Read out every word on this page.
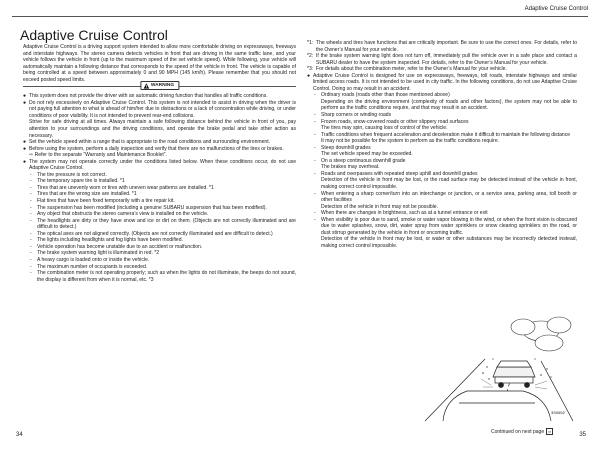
Adaptive Cruise Control
Adaptive Cruise Control

Adaptive Cruise Control is a driving support system intended to allow more comfortable driving on expressways, freeways and interstate highways. The stereo camera detects vehicles in front that are driving in the same traffic lane, and your vehicle follows the vehicle in front (up to the maximum speed of the set vehicle speed). While following, your vehicle will automatically maintain a following distance that corresponds to the speed of the vehicle in front. The vehicle is capable of being controlled at a speed between approximately 0 and 90 MPH (145 km/h). Please remember that you should not exceed posted speed limits.

WARNING
● This system does not provide the driver with an automatic driving function that handles all traffic conditions.
● Do not rely excessively on Adaptive Cruise Control. This system is not intended to assist in driving when the driver is not paying full attention to what is ahead of him/her due to distractions or a lack of concentration while driving, or under conditions of poor visibility. It is not intended to prevent rear-end collisions.
Strive for safe driving at all times. Always maintain a safe following distance behind the vehicle in front of you, pay attention to your surroundings and the driving conditions, and operate the brake pedal and take other action as necessary.
● Set the vehicle speed within a range that is appropriate to the road conditions and surrounding environment.
● Before using the system, perform a daily inspection and verify that there are no malfunctions of the tires or brakes.
⇨ Refer to the separate “Warranty and Maintenance Booklet”.
● The system may not operate correctly under the conditions listed below. When these conditions occur, do not use Adaptive Cruise Control.
- The tire pressure is not correct.
- The temporary spare tire is installed. *1
- Tires that are unevenly worn or tires with uneven wear patterns are installed. *1
- Tires that are the wrong size are installed. *1
- Flat tires that have been fixed temporarily with a tire repair kit.
- The suspension has been modified (including a genuine SUBARU suspension that has been modified).
- Any object that obstructs the stereo camera’s view is installed on the vehicle.
- The headlights are dirty or they have snow and ice or dirt on them. (Objects are not correctly illuminated and are difficult to detect.)
- The optical axes are not aligned correctly. (Objects are not correctly illuminated and are difficult to detect.)
- The lights including headlights and fog lights have been modified.
- Vehicle operation has become unstable due to an accident or malfunction.
- The brake system warning light is illuminated in red. *2
- A heavy cargo is loaded onto or inside the vehicle.
- The maximum number of occupants is exceeded.
- The combination meter is not operating properly; such as when the lights do not illuminate, the beeps do not sound, the display is different from when it is normal, etc. *3
*1: The wheels and tires have functions that are critically important. Be sure to use the correct ones. For details, refer to the Owner’s Manual for your vehicle.
*2: If the brake system warning light does not turn off, immediately pull the vehicle over in a safe place and contact a SUBARU dealer to have the system inspected. For details, refer to the Owner’s Manual for your vehicle.
*3: For details about the combination meter, refer to the Owner’s Manual for your vehicle.
● Adaptive Cruise Control is designed for use on expressways, freeways, toll roads, interstate highways and similar limited access roads. It is not intended to be used in city traffic. In the following conditions, do not use Adaptive Cruise Control. Doing so may result in an accident.
- Ordinary roads (roads other than those mentioned above)
Depending on the driving environment (complexity of roads and other factors), the system may not be able to perform as the traffic conditions require, and that may result in an accident.
- Sharp corners or winding roads
- Frozen roads, snow-covered roads or other slippery road surfaces
The tires may spin, causing loss of control of the vehicle.
- Traffic conditions when frequent acceleration and deceleration make it difficult to maintain the following distance
It may not be possible for the system to perform as the traffic conditions require.
- Steep downhill grades
The set vehicle speed may be exceeded.
- On a steep continuous downhill grade
The brakes may overheat.
- Roads and overpasses with repeated steep uphill and downhill grades
Detection of the vehicle in front may be lost, or the road surface may be detected instead of the vehicle in front, making correct control impossible.
- When entering a sharp corner/turn into an interchange or junction, or a service area, parking area, toll booth or other facilities
Detection of the vehicle in front may not be possible.
- When there are changes in brightness, such as at a tunnel entrance or exit
- When visibility is poor due to sand, smoke or water vapor blowing in the wind, or when the front vision is obscured due to water splashes, snow, dirt, water spray from water sprinklers or snow clearing sprinklers on the road, or dust stirrup generated by the vehicle in front or oncoming traffic.
Detection of the vehicle in front may be lost, or water or other substances may be incorrectly detected instead, making correct control impossible.
3S0652
Continued on next page ⇨
34	35
